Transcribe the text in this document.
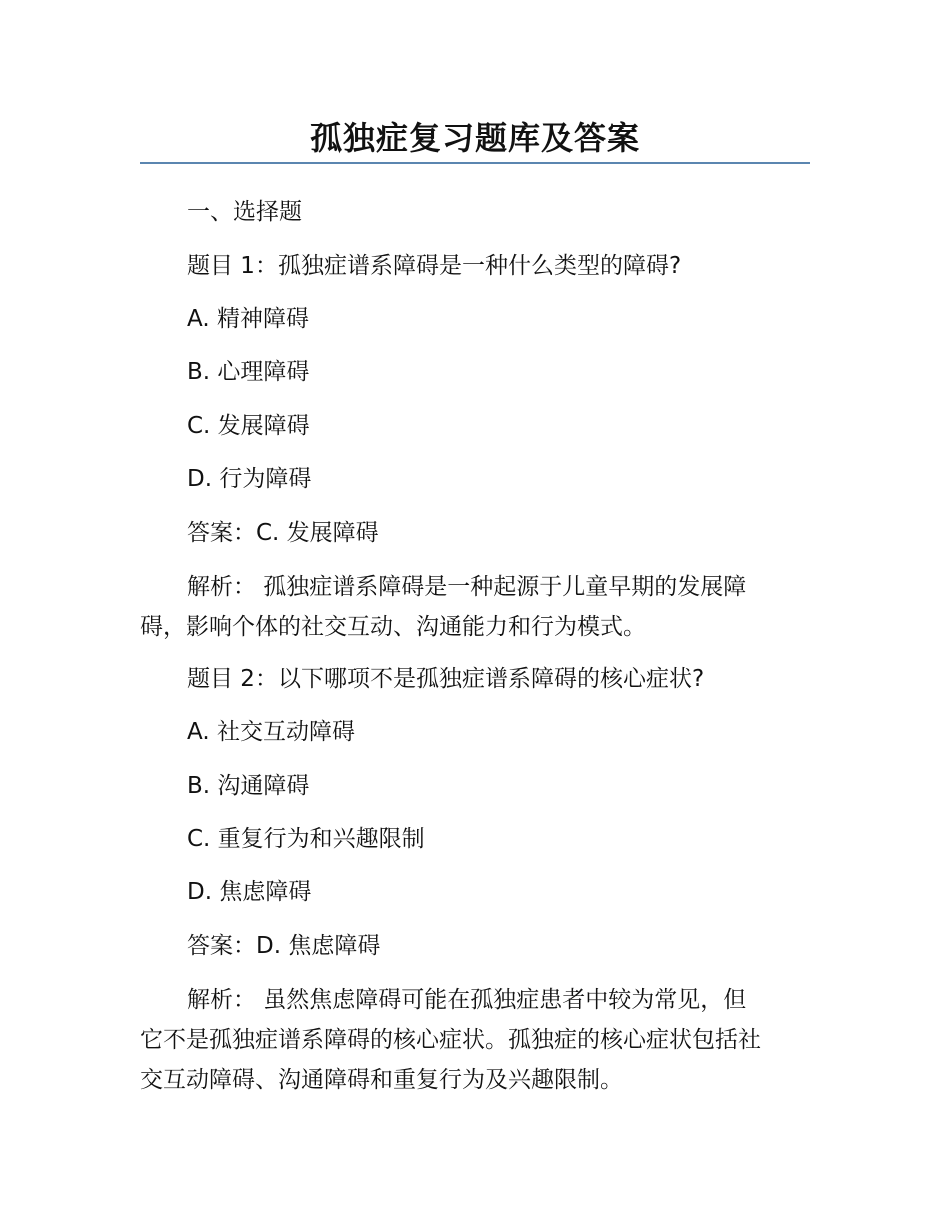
孤独症复习题库及答案
一、选择题
题目 1：孤独症谱系障碍是一种什么类型的障碍?
A. 精神障碍
B. 心理障碍
C. 发展障碍
D. 行为障碍
答案：C. 发展障碍
解析： 孤独症谱系障碍是一种起源于儿童早期的发展障
碍，影响个体的社交互动、沟通能力和行为模式。
题目 2：以下哪项不是孤独症谱系障碍的核心症状?
A. 社交互动障碍
B. 沟通障碍
C. 重复行为和兴趣限制
D. 焦虑障碍
答案：D. 焦虑障碍
解析： 虽然焦虑障碍可能在孤独症患者中较为常见，但
它不是孤独症谱系障碍的核心症状。孤独症的核心症状包括社
交互动障碍、沟通障碍和重复行为及兴趣限制。
